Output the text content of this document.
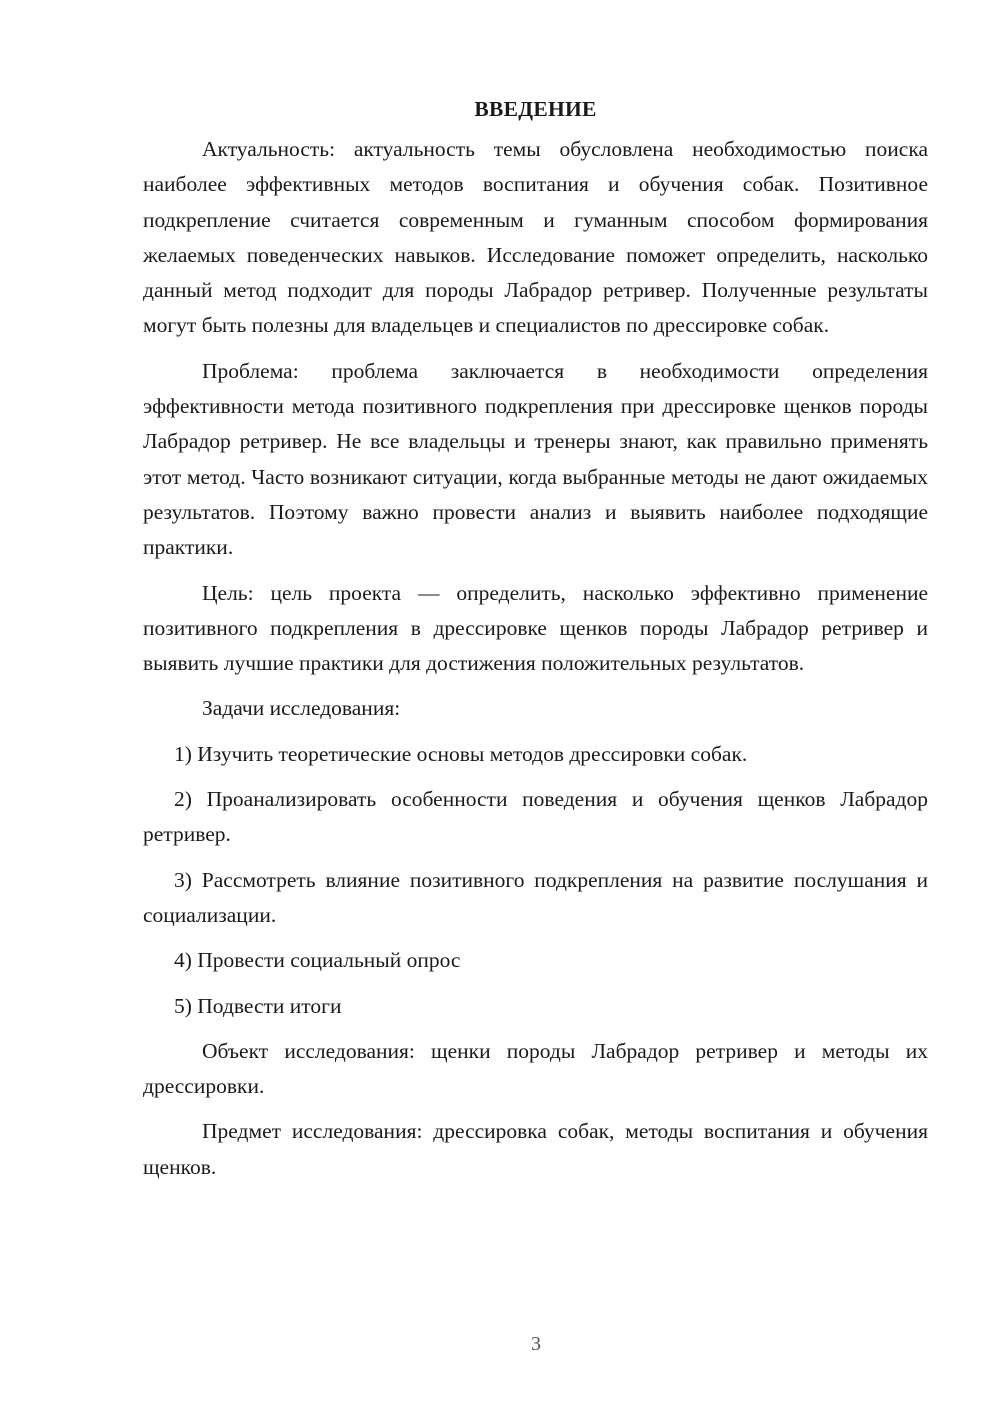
ВВЕДЕНИЕ

Актуальность: актуальность темы обусловлена необходимостью поиска наиболее эффективных методов воспитания и обучения собак. Позитивное подкрепление считается современным и гуманным способом формирования желаемых поведенческих навыков. Исследование поможет определить, насколько данный метод подходит для породы Лабрадор ретривер. Полученные результаты могут быть полезны для владельцев и специалистов по дрессировке собак.

Проблема: проблема заключается в необходимости определения эффективности метода позитивного подкрепления при дрессировке щенков породы Лабрадор ретривер. Не все владельцы и тренеры знают, как правильно применять этот метод. Часто возникают ситуации, когда выбранные методы не дают ожидаемых результатов. Поэтому важно провести анализ и выявить наиболее подходящие практики.

Цель: цель проекта — определить, насколько эффективно применение позитивного подкрепления в дрессировке щенков породы Лабрадор ретривер и выявить лучшие практики для достижения положительных результатов.

Задачи исследования:

1) Изучить теоретические основы методов дрессировки собак.

2) Проанализировать особенности поведения и обучения щенков Лабрадор ретривер.

3) Рассмотреть влияние позитивного подкрепления на развитие послушания и социализации.

4) Провести социальный опрос

5) Подвести итоги

Объект исследования: щенки породы Лабрадор ретривер и методы их дрессировки.

Предмет исследования: дрессировка собак, методы воспитания и обучения щенков.

3
